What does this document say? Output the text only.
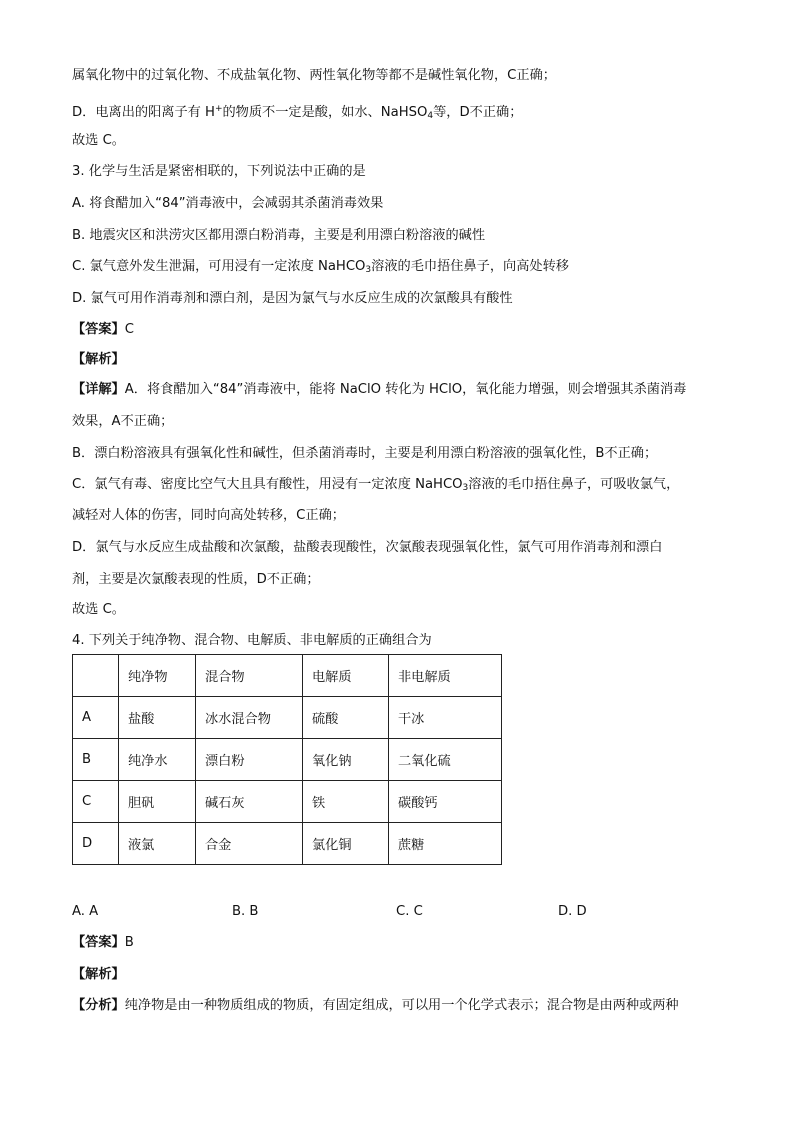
属氧化物中的过氧化物、不成盐氧化物、两性氧化物等都不是碱性氧化物，C正确；
D．电离出的阳离子有 H+的物质不一定是酸，如水、NaHSO$_4$等，D不正确；
故选 C。
3. 化学与生活是紧密相联的，下列说法中正确的是
A. 将食醋加入“84”消毒液中，会减弱其杀菌消毒效果
B. 地震灾区和洪涝灾区都用漂白粉消毒，主要是利用漂白粉溶液的碱性
C. 氯气意外发生泄漏，可用浸有一定浓度 NaHCO$_3$溶液的毛巾捂住鼻子，向高处转移
D. 氯气可用作消毒剂和漂白剂，是因为氯气与水反应生成的次氯酸具有酸性
【答案】C
【解析】
【详解】A．将食醋加入“84”消毒液中，能将 NaClO 转化为 HClO，氧化能力增强，则会增强其杀菌消毒
效果，A不正确；
B．漂白粉溶液具有强氧化性和碱性，但杀菌消毒时，主要是利用漂白粉溶液的强氧化性，B不正确；
C．氯气有毒、密度比空气大且具有酸性，用浸有一定浓度 NaHCO$_3$溶液的毛巾捂住鼻子，可吸收氯气，
减轻对人体的伤害，同时向高处转移，C正确；
D．氯气与水反应生成盐酸和次氯酸，盐酸表现酸性，次氯酸表现强氧化性，氯气可用作消毒剂和漂白
剂，主要是次氯酸表现的性质，D不正确；
故选 C。
4. 下列关于纯净物、混合物、电解质、非电解质的正确组合为
	纯净物	混合物	电解质	非电解质
A	盐酸	冰水混合物	硫酸	干冰
B	纯净水	漂白粉	氧化钠	二氧化硫
C	胆矾	碱石灰	铁	碳酸钙
D	液氯	合金	氯化铜	蔗糖
A. A	B. B	C. C	D. D
【答案】B
【解析】
【分析】纯净物是由一种物质组成的物质，有固定组成，可以用一个化学式表示；混合物是由两种或两种
